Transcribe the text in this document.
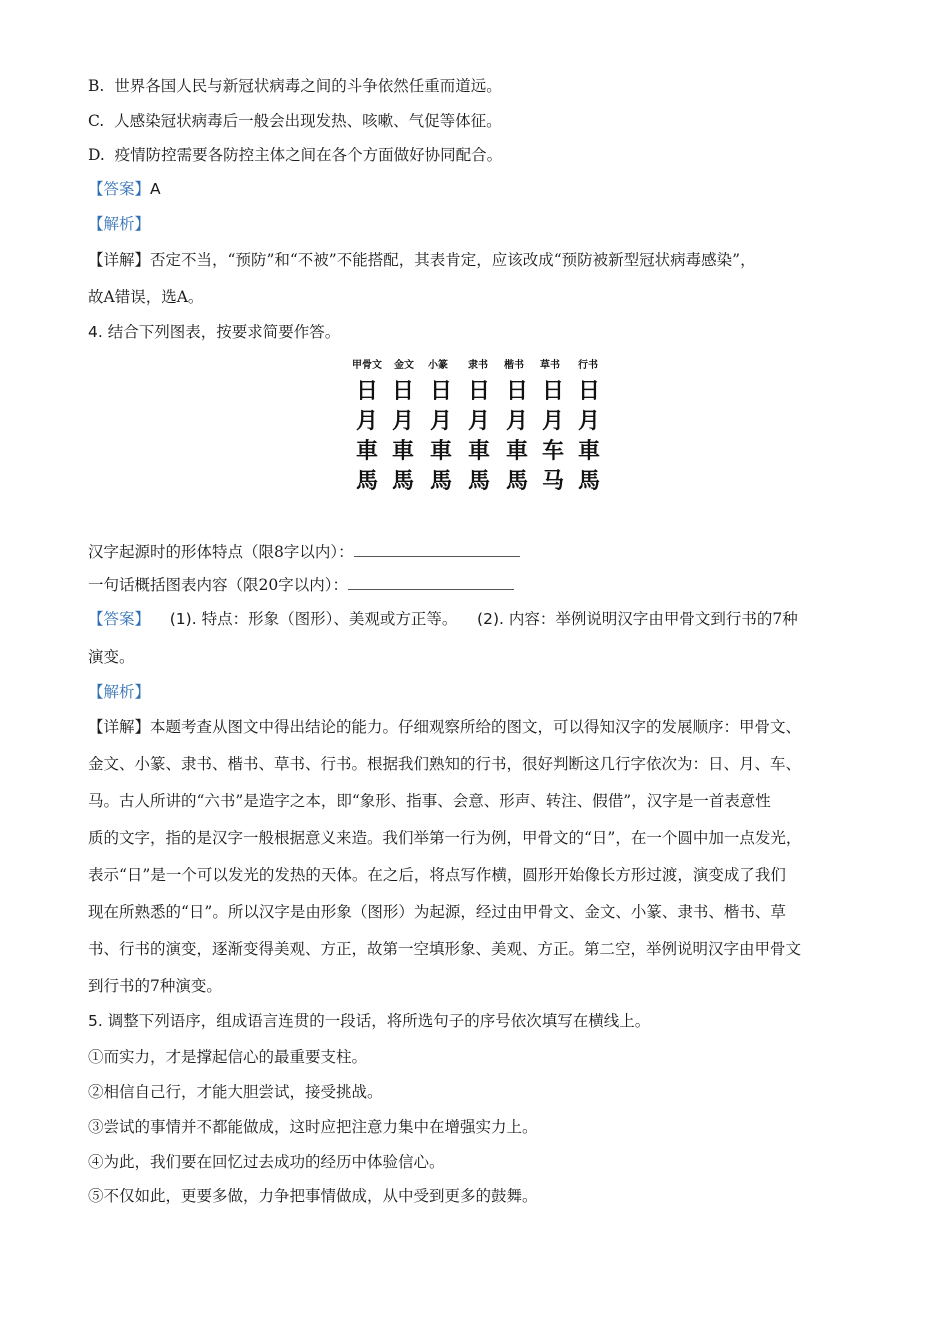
B. 世界各国人民与新冠状病毒之间的斗争依然任重而道远。
C. 人感染冠状病毒后一般会出现发热、咳嗽、气促等体征。
D. 疫情防控需要各防控主体之间在各个方面做好协同配合。
【答案】A
【解析】
【详解】否定不当，“预防”和“不被”不能搭配，其表肯定，应该改成“预防被新型冠状病毒感染”，
故A错误，选A。
4. 结合下列图表，按要求简要作答。
甲骨文 金文 小篆 隶书 楷书 草书 行书
日 日 日 日 日 日 日
月 月 月 月 月 月 月
車 車 車 車 車 车 車
馬 馬 馬 馬 馬 马 馬
汉字起源时的形体特点（限8字以内）：
一句话概括图表内容（限20字以内）：
【答案】 (1). 特点：形象（图形）、美观或方正等。 (2). 内容：举例说明汉字由甲骨文到行书的7种
演变。
【解析】
【详解】本题考查从图文中得出结论的能力。仔细观察所给的图文，可以得知汉字的发展顺序：甲骨文、
金文、小篆、隶书、楷书、草书、行书。根据我们熟知的行书，很好判断这几行字依次为：日、月、车、
马。古人所讲的“六书”是造字之本，即“象形、指事、会意、形声、转注、假借”，汉字是一首表意性
质的文字，指的是汉字一般根据意义来造。我们举第一行为例，甲骨文的“日”，在一个圆中加一点发光，
表示“日”是一个可以发光的发热的天体。在之后，将点写作横，圆形开始像长方形过渡，演变成了我们
现在所熟悉的“日”。所以汉字是由形象（图形）为起源，经过由甲骨文、金文、小篆、隶书、楷书、草
书、行书的演变，逐渐变得美观、方正，故第一空填形象、美观、方正。第二空，举例说明汉字由甲骨文
到行书的7种演变。
5. 调整下列语序，组成语言连贯的一段话，将所选句子的序号依次填写在横线上。
①而实力，才是撑起信心的最重要支柱。
②相信自己行，才能大胆尝试，接受挑战。
③尝试的事情并不都能做成，这时应把注意力集中在增强实力上。
④为此，我们要在回忆过去成功的经历中体验信心。
⑤不仅如此，更要多做，力争把事情做成，从中受到更多的鼓舞。
